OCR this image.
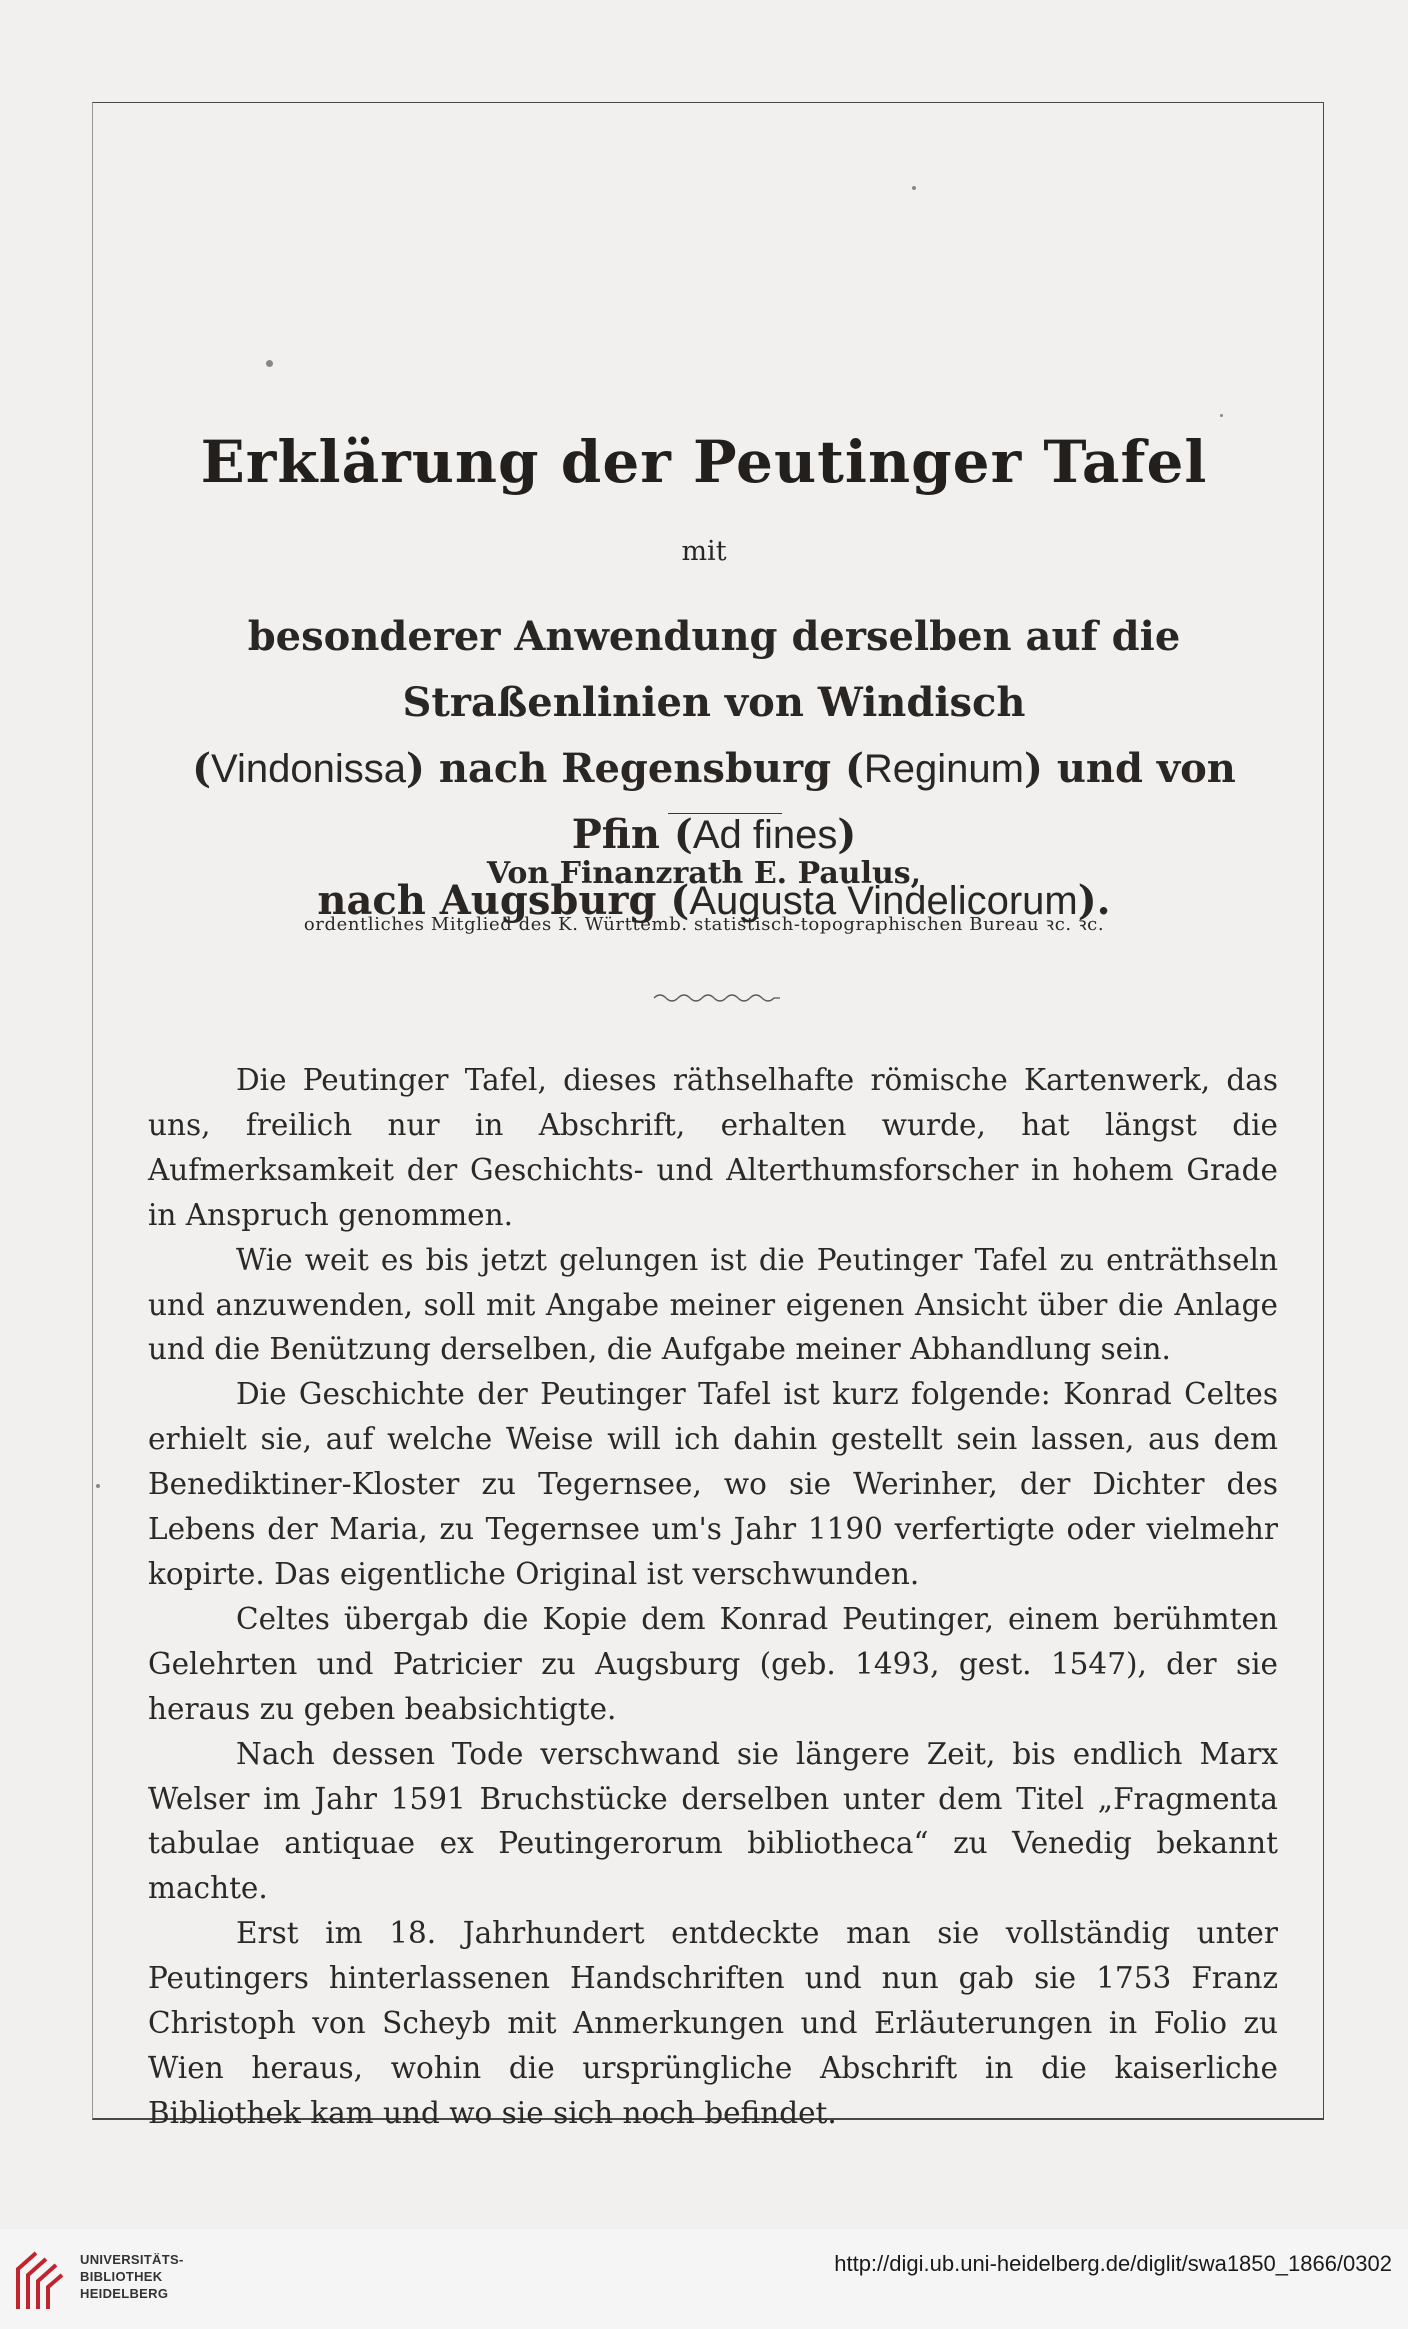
Erklärung der Peutinger Tafel
mit
besonderer Anwendung derselben auf die Straßenlinien von Windisch
(Vindonissa) nach Regensburg (Reginum) und von Pfin (Ad fines)
nach Augsburg (Augusta Vindelicorum).
Von Finanzrath E. Paulus,
ordentliches Mitglied des K. Württemb. statistisch-topographischen Bureau ꝛc. ꝛc.

Die Peutinger Tafel, dieses räthselhafte römische Kartenwerk, das uns, freilich nur in Abschrift, erhalten wurde, hat längst die Aufmerksamkeit der Geschichts- und Alterthumsforscher in hohem Grade in Anspruch genommen.

Wie weit es bis jetzt gelungen ist die Peutinger Tafel zu enträthseln und anzuwenden, soll mit Angabe meiner eigenen Ansicht über die Anlage und die Benützung derselben, die Aufgabe meiner Abhandlung sein.

Die Geschichte der Peutinger Tafel ist kurz folgende: Konrad Celtes erhielt sie, auf welche Weise will ich dahin gestellt sein lassen, aus dem Benediktiner-Kloster zu Tegernsee, wo sie Werinher, der Dichter des Lebens der Maria, zu Tegernsee um's Jahr 1190 verfertigte oder vielmehr kopirte. Das eigentliche Original ist verschwunden.

Celtes übergab die Kopie dem Konrad Peutinger, einem berühmten Gelehrten und Patricier zu Augsburg (geb. 1493, gest. 1547), der sie heraus zu geben beabsichtigte.

Nach dessen Tode verschwand sie längere Zeit, bis endlich Marx Welser im Jahr 1591 Bruchstücke derselben unter dem Titel „Fragmenta tabulae antiquae ex Peutingerorum bibliotheca“ zu Venedig bekannt machte.

Erst im 18. Jahrhundert entdeckte man sie vollständig unter Peutingers hinterlassenen Handschriften und nun gab sie 1753 Franz Christoph von Scheyb mit Anmerkungen und Erläuterungen in Folio zu Wien heraus, wohin die ursprüngliche Abschrift in die kaiserliche Bibliothek kam und wo sie sich noch befindet.

UNIVERSITÄTS-
BIBLIOTHEK
HEIDELBERG
http://digi.ub.uni-heidelberg.de/diglit/swa1850_1866/0302
